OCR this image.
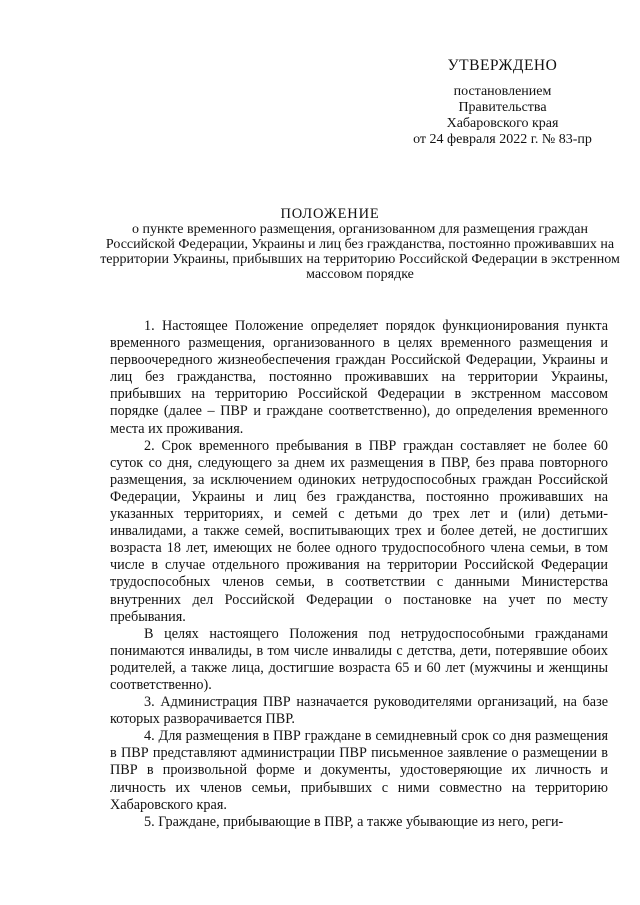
УТВЕРЖДЕНО
постановлением
Правительства
Хабаровского края
от 24 февраля 2022 г. № 83-пр
ПОЛОЖЕНИЕ
о пункте временного размещения, организованном для размещения граждан Российской Федерации, Украины и лиц без гражданства, постоянно проживавших на территории Украины, прибывших на территорию Российской Федерации в экстренном массовом порядке

1. Настоящее Положение определяет порядок функционирования пункта временного размещения, организованного в целях временного размещения и первоочередного жизнеобеспечения граждан Российской Федерации, Украины и лиц без гражданства, постоянно проживавших на территории Украины, прибывших на территорию Российской Федерации в экстренном массовом порядке (далее – ПВР и граждане соответственно), до определения временного места их проживания.

2. Срок временного пребывания в ПВР граждан составляет не более 60 суток со дня, следующего за днем их размещения в ПВР, без права повторного размещения, за исключением одиноких нетрудоспособных граждан Российской Федерации, Украины и лиц без гражданства, постоянно проживавших на указанных территориях, и семей с детьми до трех лет и (или) детьми-инвалидами, а также семей, воспитывающих трех и более детей, не достигших возраста 18 лет, имеющих не более одного трудоспособного члена семьи, в том числе в случае отдельного проживания на территории Российской Федерации трудоспособных членов семьи, в соответствии с данными Министерства внутренних дел Российской Федерации о постановке на учет по месту пребывания.

В целях настоящего Положения под нетрудоспособными гражданами понимаются инвалиды, в том числе инвалиды с детства, дети, потерявшие обоих родителей, а также лица, достигшие возраста 65 и 60 лет (мужчины и женщины соответственно).

3. Администрация ПВР назначается руководителями организаций, на базе которых разворачивается ПВР.

4. Для размещения в ПВР граждане в семидневный срок со дня размещения в ПВР представляют администрации ПВР письменное заявление о размещении в ПВР в произвольной форме и документы, удостоверяющие их личность и личность их членов семьи, прибывших с ними совместно на территорию Хабаровского края.

5. Граждане, прибывающие в ПВР, а также убывающие из него, реги-
